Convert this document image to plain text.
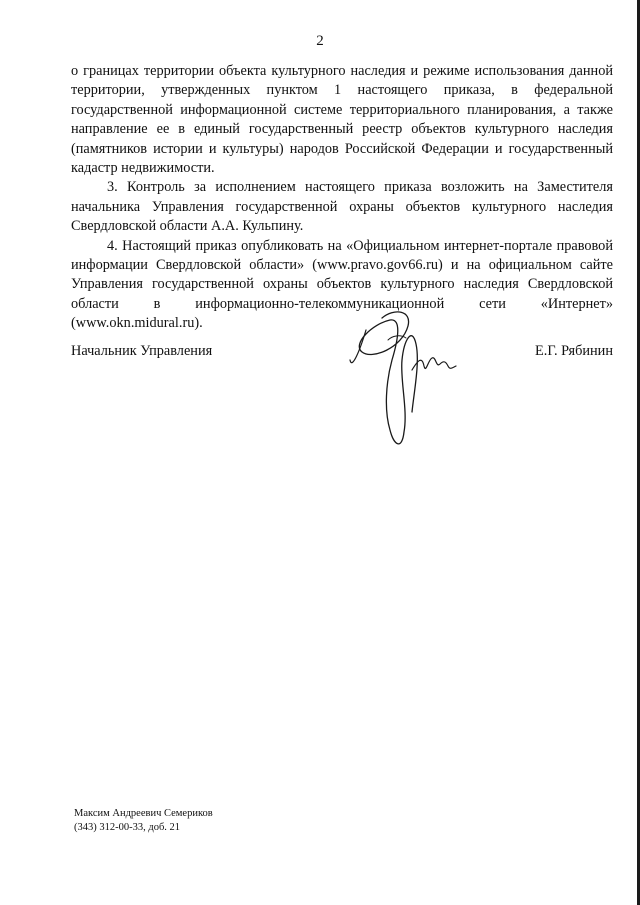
2

о границах территории объекта культурного наследия и режиме использования данной территории, утвержденных пунктом 1 настоящего приказа, в федеральной государственной информационной системе территориального планирования, а также направление ее в единый государственный реестр объектов культурного наследия (памятников истории и культуры) народов Российской Федерации и государственный кадастр недвижимости.

3. Контроль за исполнением настоящего приказа возложить на Заместителя начальника Управления государственной охраны объектов культурного наследия Свердловской области А.А. Кульпину.

4. Настоящий приказ опубликовать на «Официальном интернет-портале правовой информации Свердловской области» (www.pravo.gov66.ru) и на официальном сайте Управления государственной охраны объектов культурного наследия Свердловской области в информационно-телекоммуникационной сети «Интернет» (www.okn.midural.ru).

Начальник Управления	Е.Г. Рябинин
Максим Андреевич Семериков
(343) 312-00-33, доб. 21
